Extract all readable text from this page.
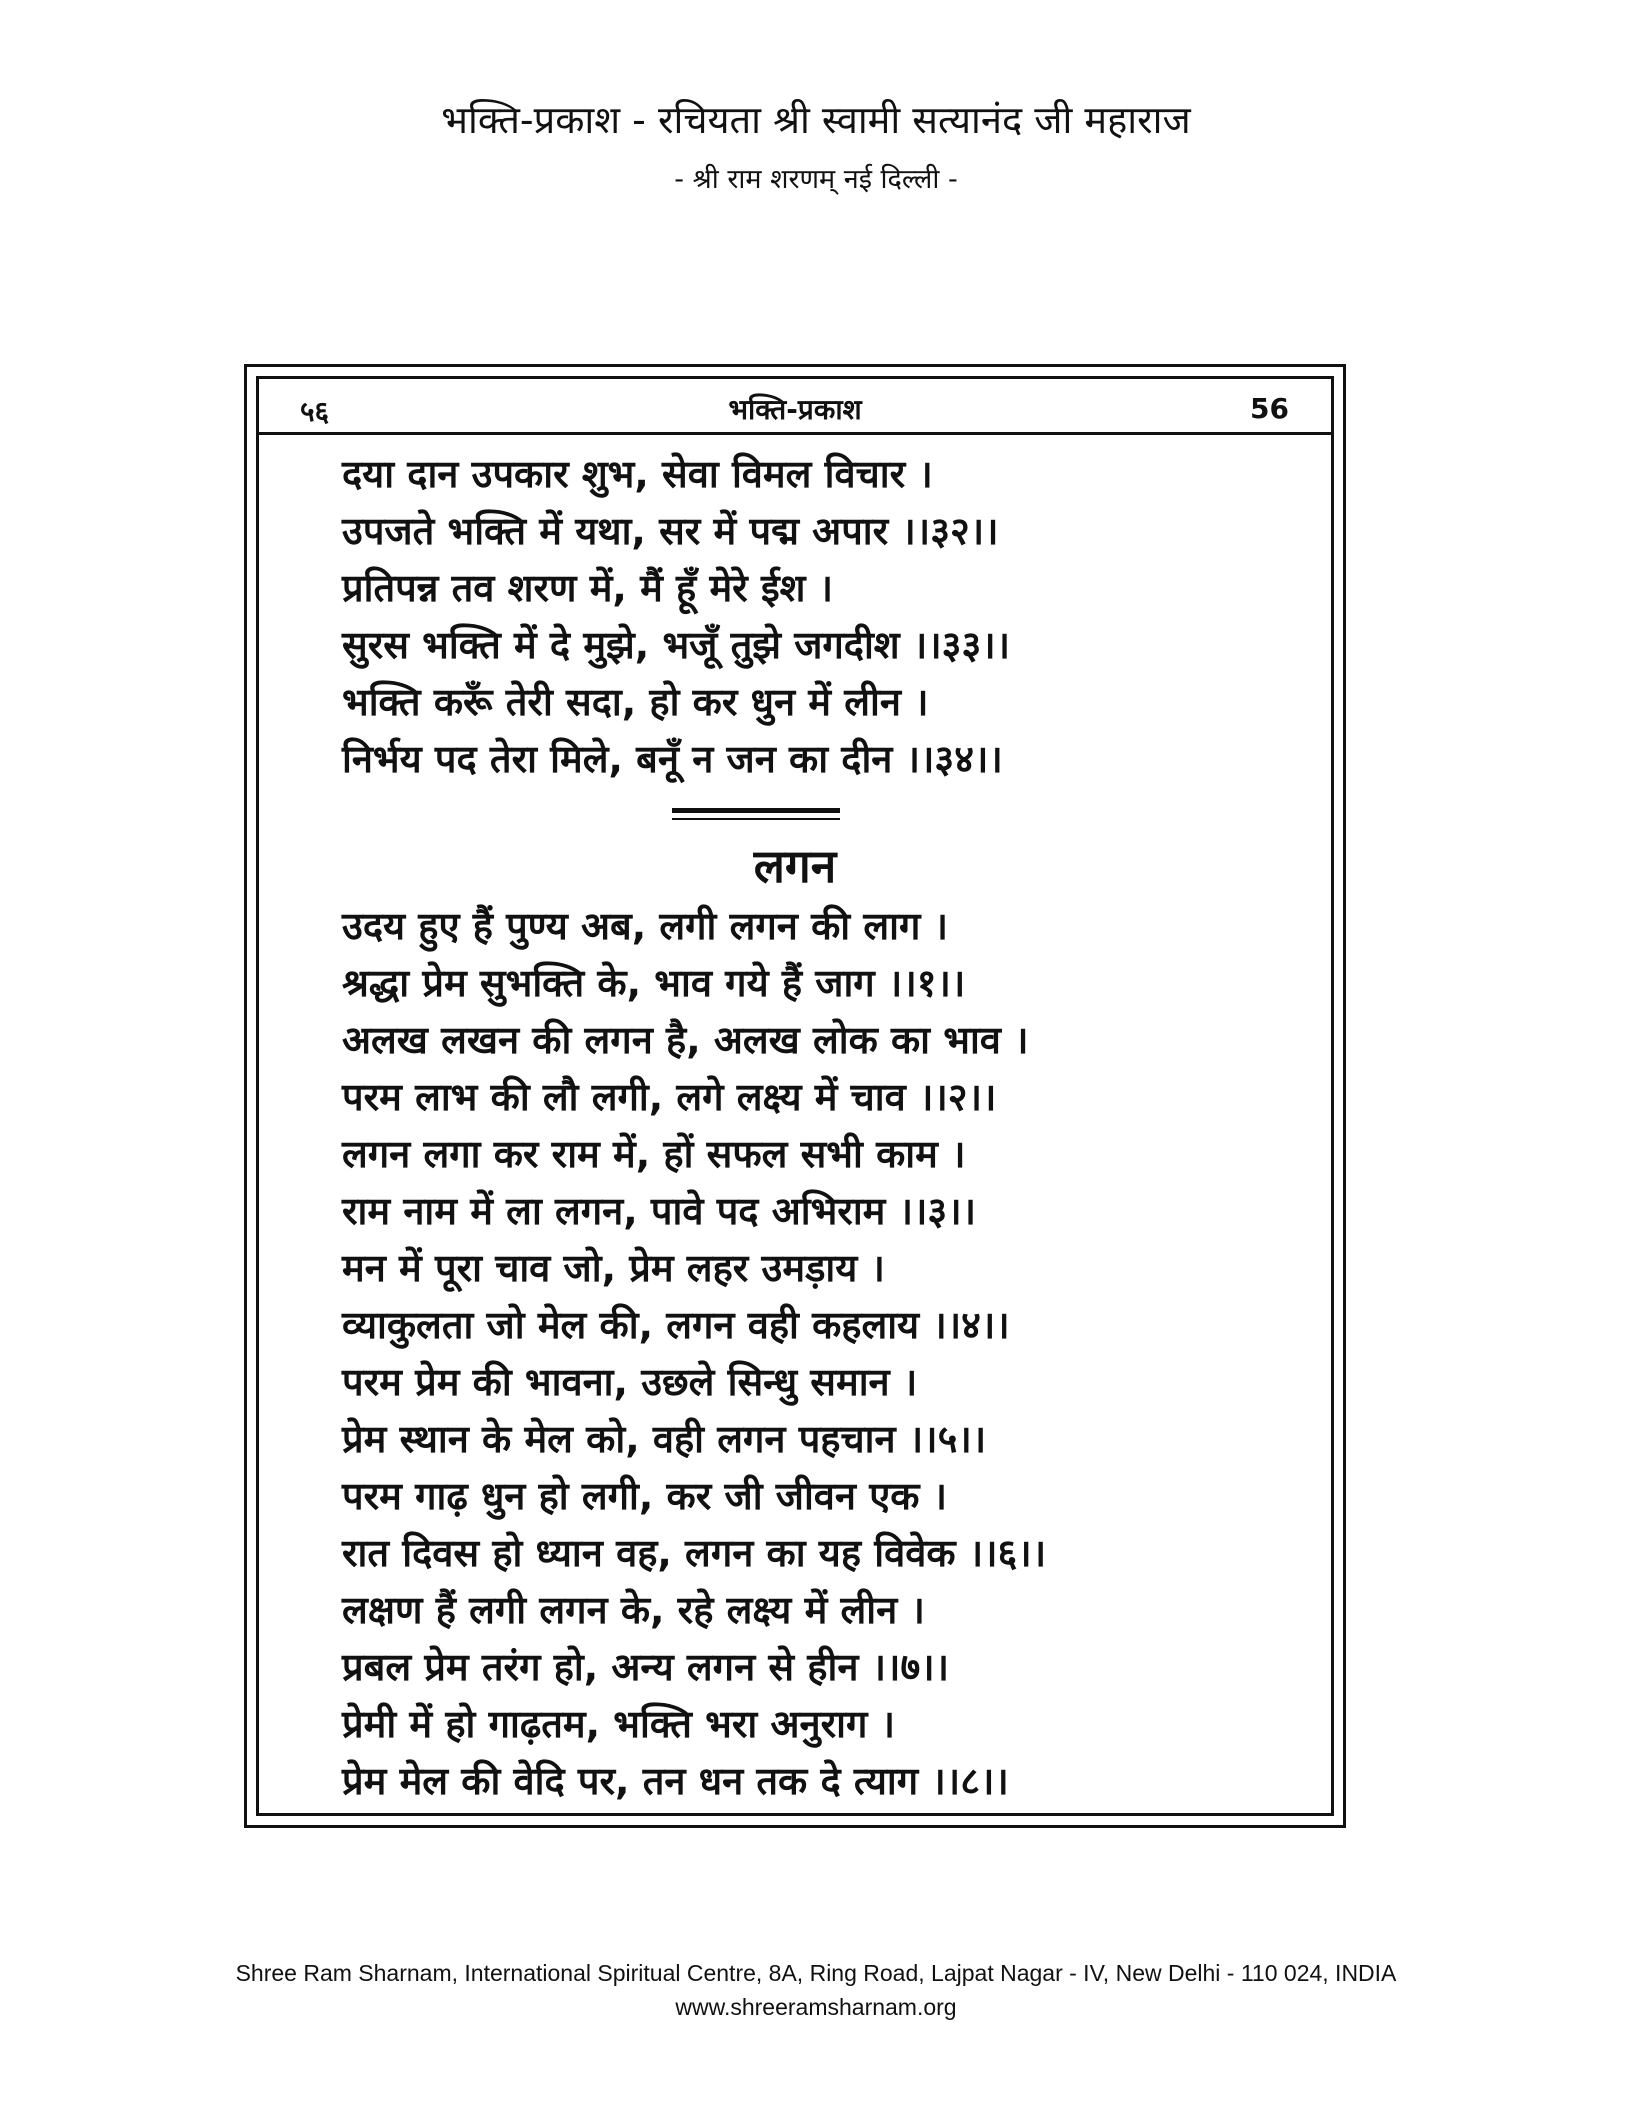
भक्ति-प्रकाश - रचियता श्री स्वामी सत्यानंद जी महाराज
- श्री राम शरणम् नई दिल्ली -
५६	भक्ति-प्रकाश	56
दया दान उपकार शुभ, सेवा विमल विचार ।
उपजते भक्ति में यथा, सर में पद्म अपार ।।३२।।
प्रतिपन्न तव शरण में, मैं हूँ मेरे ईश ।
सुरस भक्ति में दे मुझे, भजूँ तुझे जगदीश ।।३३।।
भक्ति करूँ तेरी सदा, हो कर धुन में लीन ।
निर्भय पद तेरा मिले, बनूँ न जन का दीन ।।३४।।
लगन
उदय हुए हैं पुण्य अब, लगी लगन की लाग ।
श्रद्धा प्रेम सुभक्ति के, भाव गये हैं जाग ।।१।।
अलख लखन की लगन है, अलख लोक का भाव ।
परम लाभ की लौ लगी, लगे लक्ष्य में चाव ।।२।।
लगन लगा कर राम में, हों सफल सभी काम ।
राम नाम में ला लगन, पावे पद अभिराम ।।३।।
मन में पूरा चाव जो, प्रेम लहर उमड़ाय ।
व्याकुलता जो मेल की, लगन वही कहलाय ।।४।।
परम प्रेम की भावना, उछले सिन्धु समान ।
प्रेम स्थान के मेल को, वही लगन पहचान ।।५।।
परम गाढ़ धुन हो लगी, कर जी जीवन एक ।
रात दिवस हो ध्यान वह, लगन का यह विवेक ।।६।।
लक्षण हैं लगी लगन के, रहे लक्ष्य में लीन ।
प्रबल प्रेम तरंग हो, अन्य लगन से हीन ।।७।।
प्रेमी में हो गाढ़तम, भक्ति भरा अनुराग ।
प्रेम मेल की वेदि पर, तन धन तक दे त्याग ।।८।।
Shree Ram Sharnam, International Spiritual Centre, 8A, Ring Road, Lajpat Nagar - IV, New Delhi - 110 024, INDIA
www.shreeramsharnam.org
